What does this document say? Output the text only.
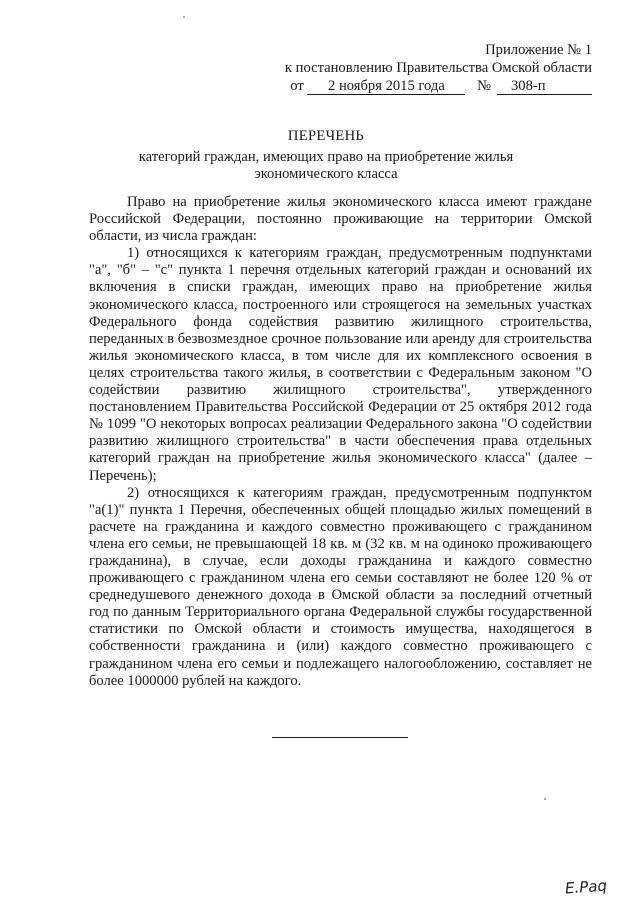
Приложение № 1
к постановлению Правительства Омской области
от 2 ноября 2015 года № 308-п
ПЕРЕЧЕНЬ
категорий граждан, имеющих право на приобретение жилья
экономического класса

Право на приобретение жилья экономического класса имеют граждане Российской Федерации, постоянно проживающие на территории Омской области, из числа граждан:

1) относящихся к категориям граждан, предусмотренным подпунктами "а", "б" – "с" пункта 1 перечня отдельных категорий граждан и оснований их включения в списки граждан, имеющих право на приобретение жилья экономического класса, построенного или строящегося на земельных участках Федерального фонда содействия развитию жилищного строительства, переданных в безвозмездное срочное пользование или аренду для строительства жилья экономического класса, в том числе для их комплексного освоения в целях строительства такого жилья, в соответствии с Федеральным законом "О содействии развитию жилищного строительства", утвержденного постановлением Правительства Российской Федерации от 25 октября 2012 года № 1099 "О некоторых вопросах реализации Федерального закона "О содействии развитию жилищного строительства" в части обеспечения права отдельных категорий граждан на приобретение жилья экономического класса" (далее – Перечень);

2) относящихся к категориям граждан, предусмотренным подпунктом "а(1)" пункта 1 Перечня, обеспеченных общей площадью жилых помещений в расчете на гражданина и каждого совместно проживающего с гражданином члена его семьи, не превышающей 18 кв. м (32 кв. м на одиноко проживающего гражданина), в случае, если доходы гражданина и каждого совместно проживающего с гражданином члена его семьи составляют не более 120 % от среднедушевого денежного дохода в Омской области за последний отчетный год по данным Территориального органа Федеральной службы государственной статистики по Омской области и стоимость имущества, находящегося в собственности гражданина и (или) каждого совместно проживающего с гражданином члена его семьи и подлежащего налогообложению, составляет не более 1000000 рублей на каждого.

Е.Раq
